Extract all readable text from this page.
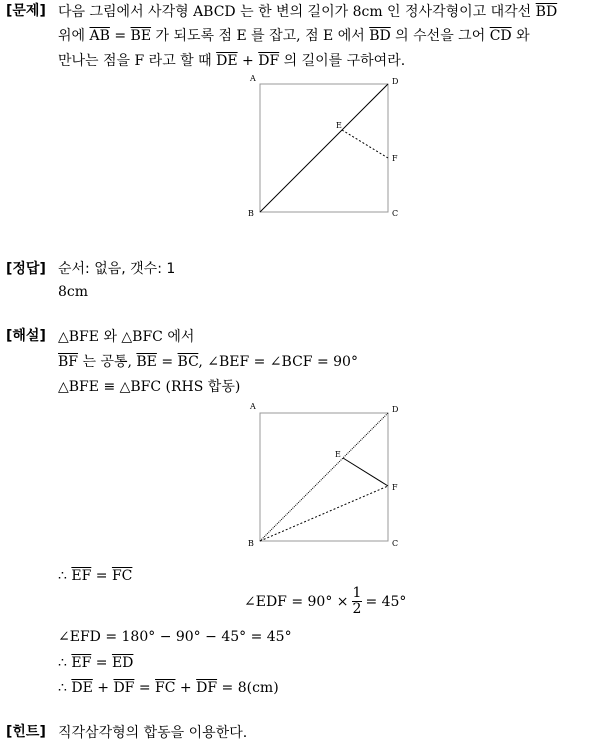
[문제] 다음 그림에서 사각형 ABCD 는 한 변의 길이가 8cm 인 정사각형이고 대각선 $\overline{BD}$
위에 $\overline{AB} = \overline{BE}$ 가 되도록 점 E 를 잡고, 점 E 에서 $\overline{BD}$ 의 수선을 그어 $\overline{CD}$ 와
만나는 점을 F 라고 할 때 $\overline{DE} + \overline{DF}$ 의 길이를 구하여라.
A	D
E
F
B	C
[정답] 순서: 없음, 갯수: 1
8cm
[해설] △BFE 와 △BFC 에서
$\overline{BF}$ 는 공통, $\overline{BE} = \overline{BC}$, ∠BEF = ∠BCF = 90°
△BFE ≡ △BFC (RHS 합동)
A	D
E
F
B	C
∴ $\overline{EF} = \overline{FC}$
∠EDF = $90^\circ \times \frac{1}{2} = 45^\circ$
∠EFD = 180° − 90° − 45° = 45°
∴ $\overline{EF} = \overline{ED}$
∴ $\overline{DE} + \overline{DF} = \overline{FC} + \overline{DF} = 8(cm)$
[힌트] 직각삼각형의 합동을 이용한다.
